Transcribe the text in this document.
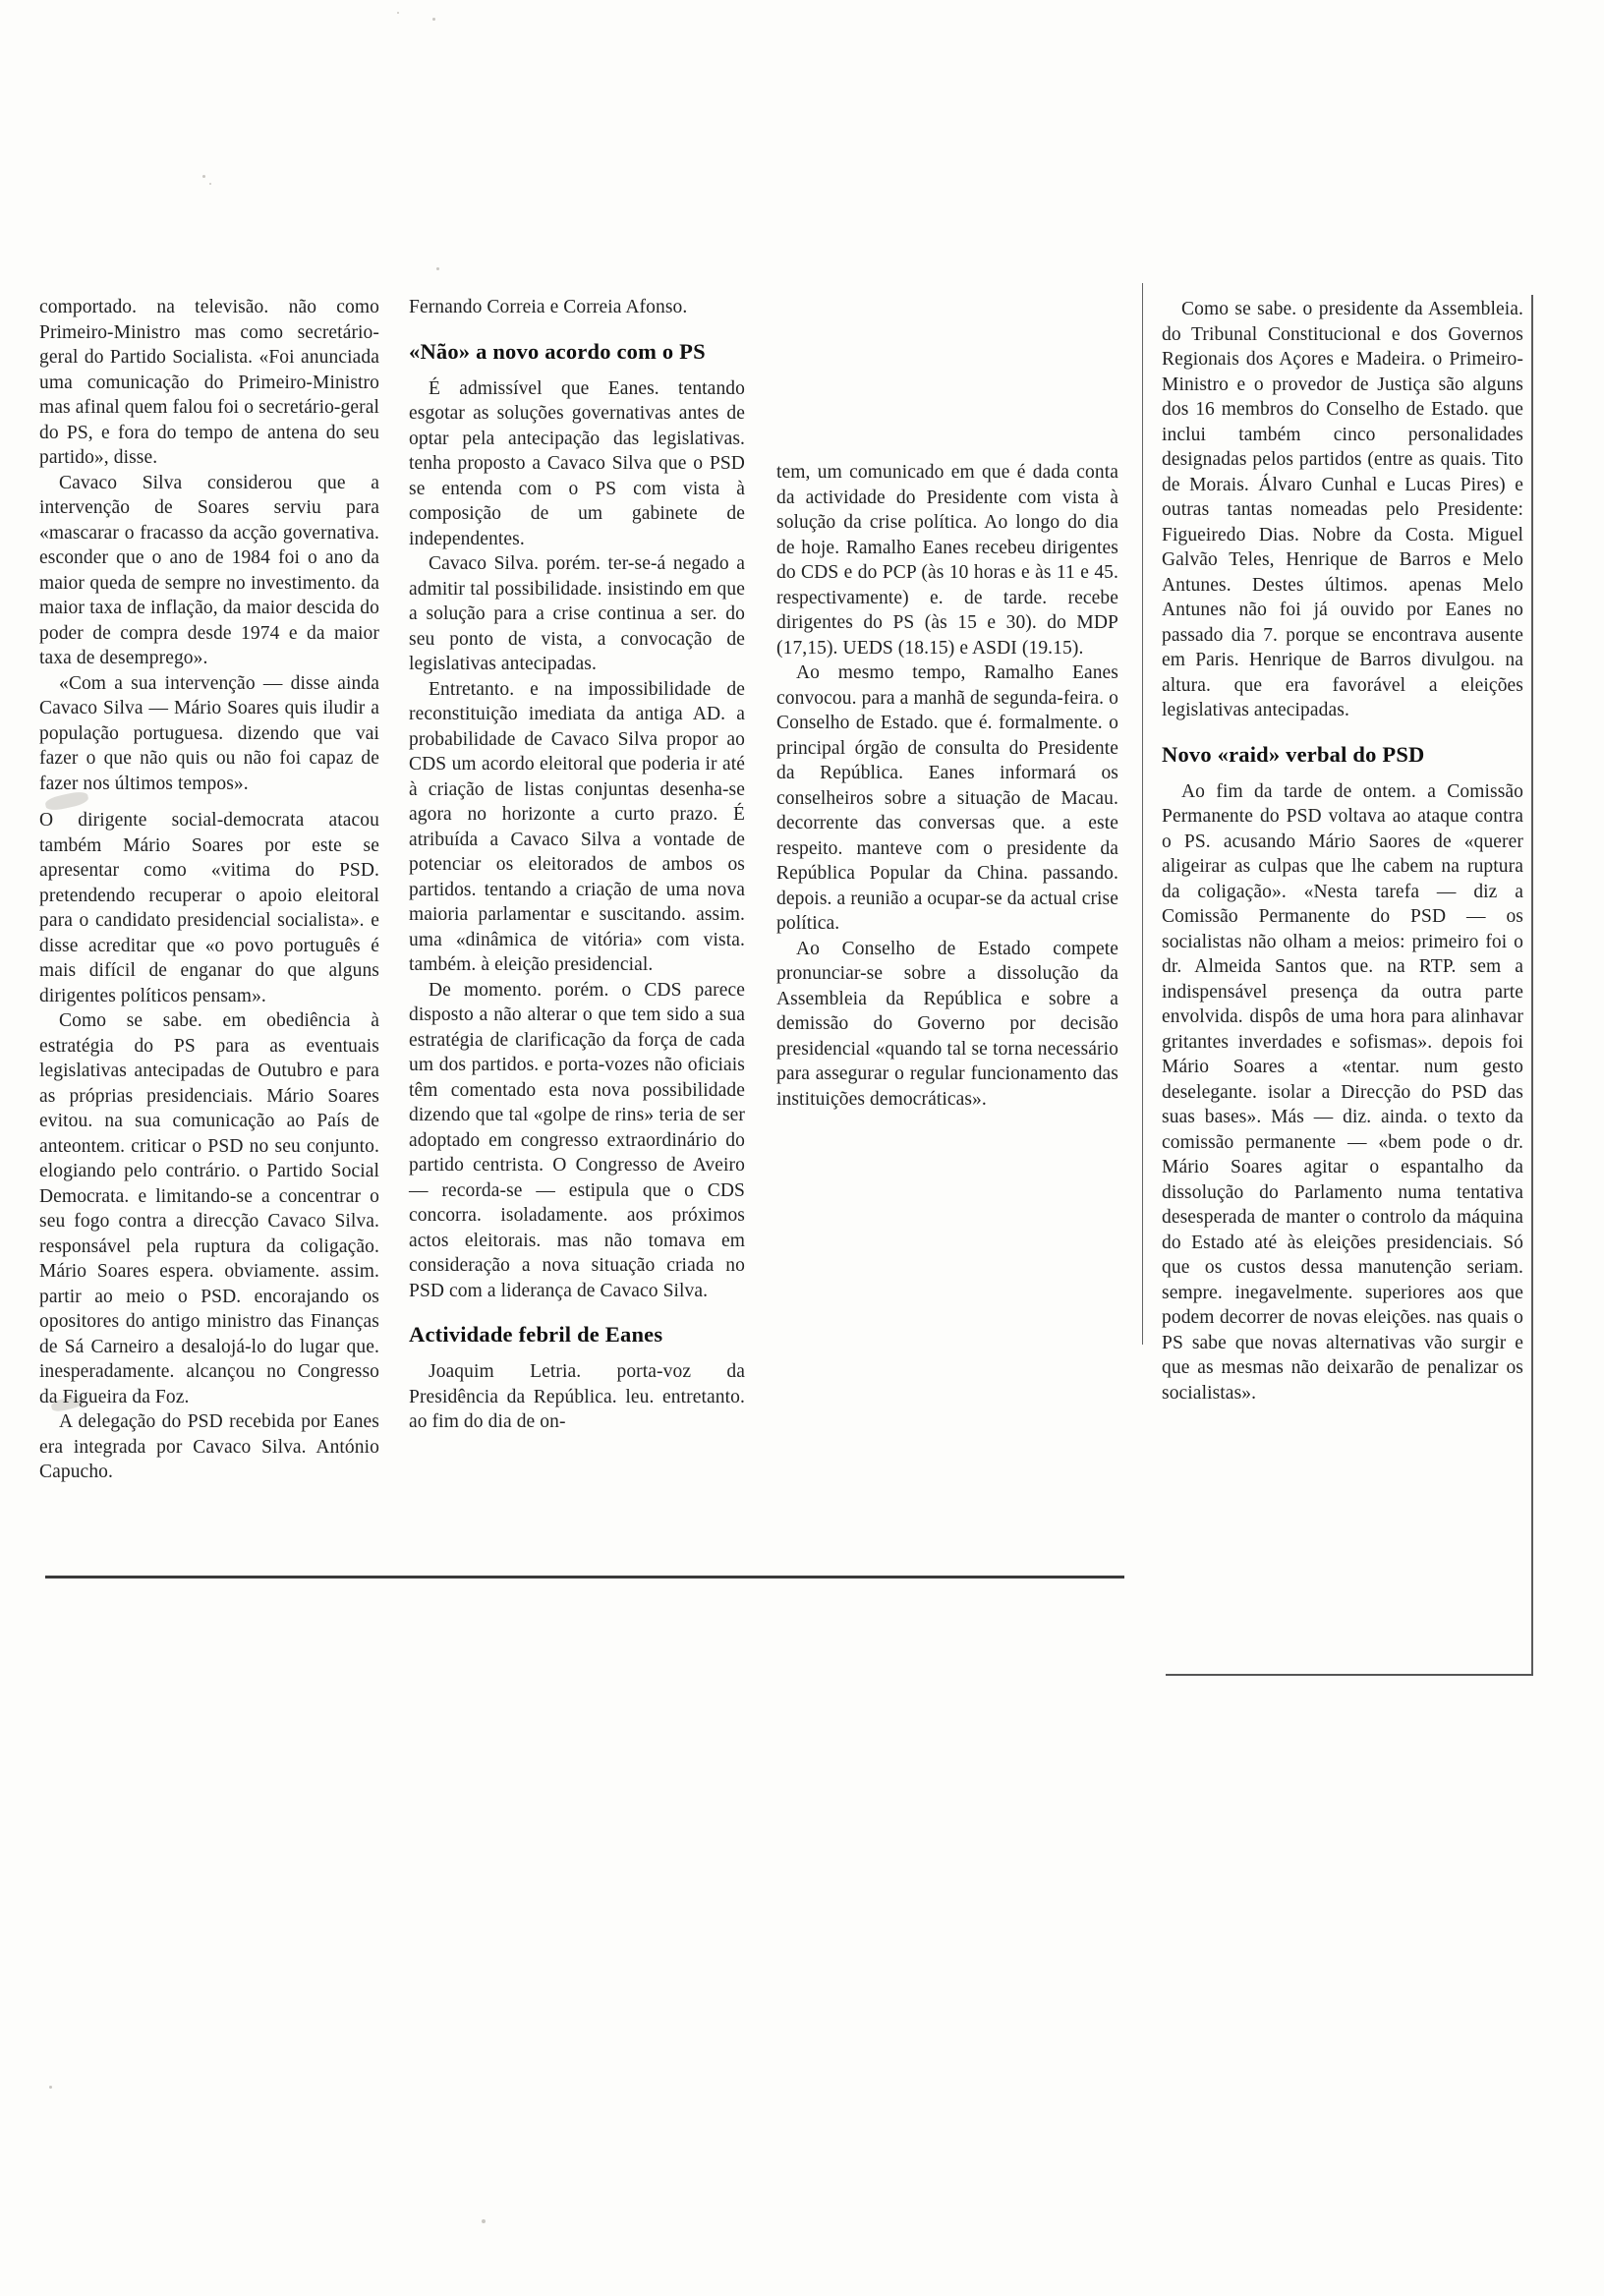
comportado. na televisão. não como Primeiro-Ministro mas como secretário-geral do Partido Socialista. «Foi anunciada uma comunicação do Primeiro-Ministro mas afinal quem falou foi o secretário-geral do PS, e fora do tempo de antena do seu partido», disse.

Cavaco Silva considerou que a intervenção de Soares serviu para «mascarar o fracasso da acção governativa. esconder que o ano de 1984 foi o ano da maior queda de sempre no investimento. da maior taxa de inflação, da maior descida do poder de compra desde 1974 e da maior taxa de desemprego».

«Com a sua intervenção — disse ainda Cavaco Silva — Mário Soares quis iludir a população portuguesa. dizendo que vai fazer o que não quis ou não foi capaz de fazer nos últimos tempos».

O dirigente social-democrata atacou também Mário Soares por este se apresentar como «vitima do PSD. pretendendo recuperar o apoio eleitoral para o candidato presidencial socialista». e disse acreditar que «o povo português é mais difícil de enganar do que alguns dirigentes políticos pensam».

Como se sabe. em obediência à estratégia do PS para as eventuais legislativas antecipadas de Outubro e para as próprias presidenciais. Mário Soares evitou. na sua comunicação ao País de anteontem. criticar o PSD no seu conjunto. elogiando pelo contrário. o Partido Social Democrata. e limitando-se a concentrar o seu fogo contra a direcção Cavaco Silva. responsável pela ruptura da coligação. Mário Soares espera. obviamente. assim. partir ao meio o PSD. encorajando os opositores do antigo ministro das Finanças de Sá Carneiro a desalojá-lo do lugar que. inesperadamente. alcançou no Congresso da Figueira da Foz.

A delegação do PSD recebida por Eanes era integrada por Cavaco Silva. António Capucho.

Fernando Correia e Correia Afonso.

«Não» a novo acordo com o PS

É admissível que Eanes. tentando esgotar as soluções governativas antes de optar pela antecipação das legislativas. tenha proposto a Cavaco Silva que o PSD se entenda com o PS com vista à composição de um gabinete de independentes.

Cavaco Silva. porém. ter-se-á negado a admitir tal possibilidade. insistindo em que a solução para a crise continua a ser. do seu ponto de vista, a convocação de legislativas antecipadas.

Entretanto. e na impossibilidade de reconstituição imediata da antiga AD. a probabilidade de Cavaco Silva propor ao CDS um acordo eleitoral que poderia ir até à criação de listas conjuntas desenha-se agora no horizonte a curto prazo. É atribuída a Cavaco Silva a vontade de potenciar os eleitorados de ambos os partidos. tentando a criação de uma nova maioria parlamentar e suscitando. assim. uma «dinâmica de vitória» com vista. também. à eleição presidencial.

De momento. porém. o CDS parece disposto a não alterar o que tem sido a sua estratégia de clarificação da força de cada um dos partidos. e porta-vozes não oficiais têm comentado esta nova possibilidade dizendo que tal «golpe de rins» teria de ser adoptado em congresso extraordinário do partido centrista. O Congresso de Aveiro — recorda-se — estipula que o CDS concorra. isoladamente. aos próximos actos eleitorais. mas não tomava em consideração a nova situação criada no PSD com a liderança de Cavaco Silva.

Actividade febril de Eanes

Joaquim Letria. porta-voz da Presidência da República. leu. entretanto. ao fim do dia de on-

tem, um comunicado em que é dada conta da actividade do Presidente com vista à solução da crise política. Ao longo do dia de hoje. Ramalho Eanes recebeu dirigentes do CDS e do PCP (às 10 horas e às 11 e 45. respectivamente) e. de tarde. recebe dirigentes do PS (às 15 e 30). do MDP (17,15). UEDS (18.15) e ASDI (19.15).

Ao mesmo tempo, Ramalho Eanes convocou. para a manhã de segunda-feira. o Conselho de Estado. que é. formalmente. o principal órgão de consulta do Presidente da República. Eanes informará os conselheiros sobre a situação de Macau. decorrente das conversas que. a este respeito. manteve com o presidente da República Popular da China. passando. depois. a reunião a ocupar-se da actual crise política.

Ao Conselho de Estado compete pronunciar-se sobre a dissolução da Assembleia da República e sobre a demissão do Governo por decisão presidencial «quando tal se torna necessário para assegurar o regular funcionamento das instituições democráticas».

Como se sabe. o presidente da Assembleia. do Tribunal Constitucional e dos Governos Regionais dos Açores e Madeira. o Primeiro-Ministro e o provedor de Justiça são alguns dos 16 membros do Conselho de Estado. que inclui também cinco personalidades designadas pelos partidos (entre as quais. Tito de Morais. Álvaro Cunhal e Lucas Pires) e outras tantas nomeadas pelo Presidente: Figueiredo Dias. Nobre da Costa. Miguel Galvão Teles, Henrique de Barros e Melo Antunes. Destes últimos. apenas Melo Antunes não foi já ouvido por Eanes no passado dia 7. porque se encontrava ausente em Paris. Henrique de Barros divulgou. na altura. que era favorável a eleições legislativas antecipadas.

Novo «raid» verbal do PSD

Ao fim da tarde de ontem. a Comissão Permanente do PSD voltava ao ataque contra o PS. acusando Mário Saores de «querer aligeirar as culpas que lhe cabem na ruptura da coligação». «Nesta tarefa — diz a Comissão Permanente do PSD — os socialistas não olham a meios: primeiro foi o dr. Almeida Santos que. na RTP. sem a indispensável presença da outra parte envolvida. dispôs de uma hora para alinhavar gritantes inverdades e sofismas». depois foi Mário Soares a «tentar. num gesto deselegante. isolar a Direcção do PSD das suas bases». Más — diz. ainda. o texto da comissão permanente — «bem pode o dr. Mário Soares agitar o espantalho da dissolução do Parlamento numa tentativa desesperada de manter o controlo da máquina do Estado até às eleições presidenciais. Só que os custos dessa manutenção seriam. sempre. inegavelmente. superiores aos que podem decorrer de novas eleições. nas quais o PS sabe que novas alternativas vão surgir e que as mesmas não deixarão de penalizar os socialistas».
